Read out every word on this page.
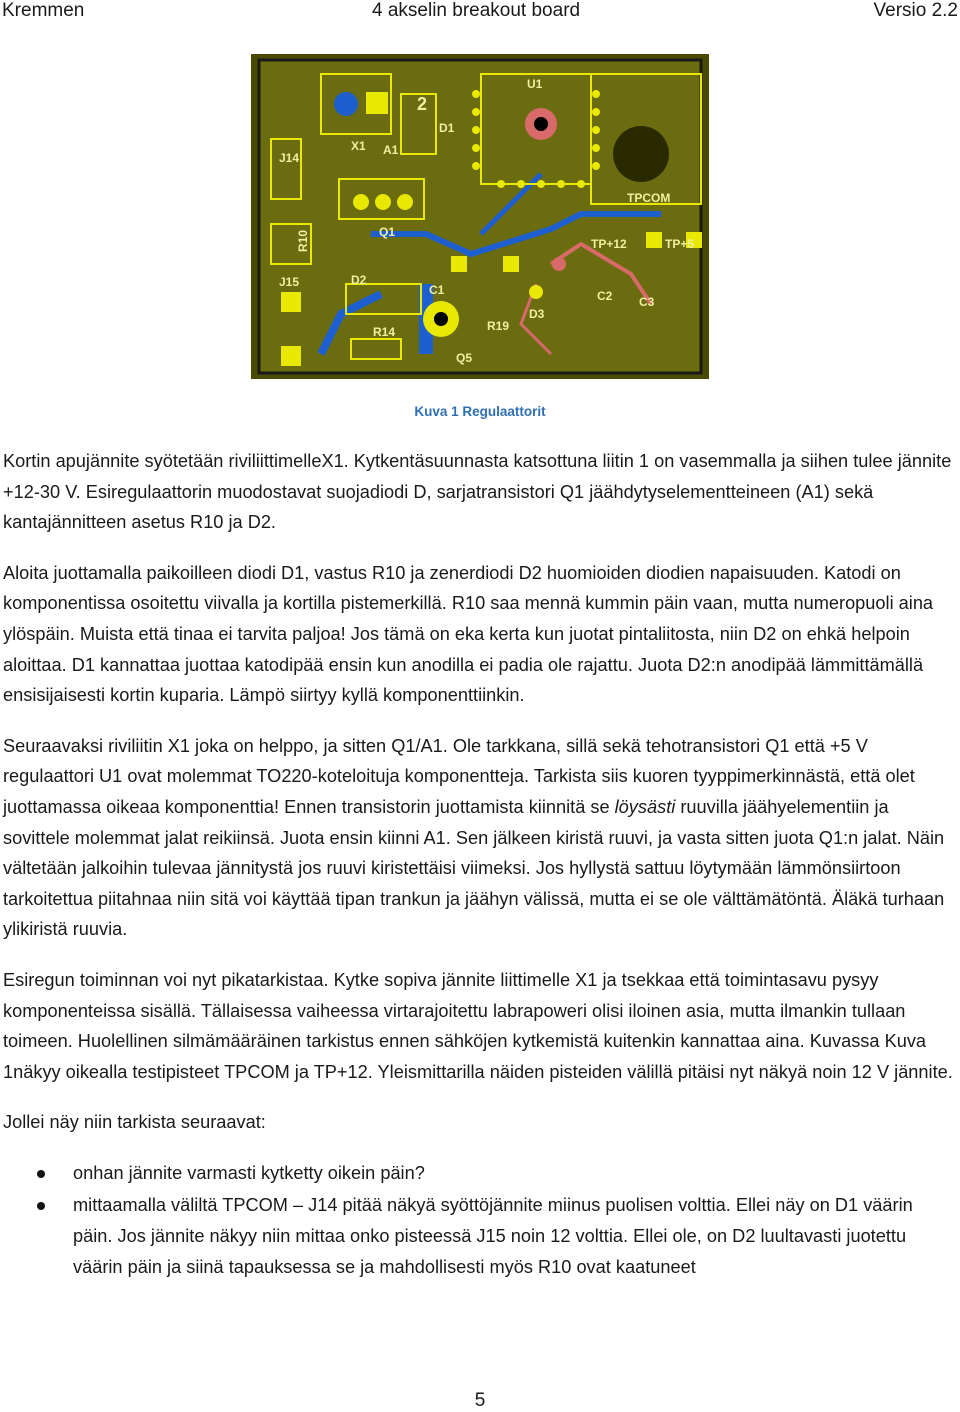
Kremmen	4 akselin breakout board	Versio 2.2
J14
X1 A1
D1
U1
2
R10	Q1
J15	D2
C1
R14	R19
D3
Q5
C2 C3
TPCOM
TP+12	TP+5
Kuva 1 Regulaattorit

Kortin apujännite syötetään riviliittimelleX1. Kytkentäsuunnasta katsottuna liitin 1 on vasemmalla ja siihen tulee jännite +12-30 V. Esiregulaattorin muodostavat suojadiodi D, sarjatransistori Q1 jäähdytyselementteineen (A1) sekä kantajännitteen asetus R10 ja D2.

Aloita juottamalla paikoilleen diodi D1, vastus R10 ja zenerdiodi D2 huomioiden diodien napaisuuden. Katodi on komponentissa osoitettu viivalla ja kortilla pistemerkillä. R10 saa mennä kummin päin vaan, mutta numeropuoli aina ylöspäin. Muista että tinaa ei tarvita paljoa! Jos tämä on eka kerta kun juotat pintaliitosta, niin D2 on ehkä helpoin aloittaa. D1 kannattaa juottaa katodipää ensin kun anodilla ei padia ole rajattu. Juota D2:n anodipää lämmittämällä ensisijaisesti kortin kuparia. Lämpö siirtyy kyllä komponenttiinkin.

Seuraavaksi riviliitin X1 joka on helppo, ja sitten Q1/A1. Ole tarkkana, sillä sekä tehotransistori Q1 että +5 V regulaattori U1 ovat molemmat TO220-koteloituja komponentteja. Tarkista siis kuoren tyyppimerkinnästä, että olet juottamassa oikeaa komponenttia! Ennen transistorin juottamista kiinnitä se löysästi ruuvilla jäähyelementiin ja sovittele molemmat jalat reikiinsä. Juota ensin kiinni A1. Sen jälkeen kiristä ruuvi, ja vasta sitten juota Q1:n jalat. Näin vältetään jalkoihin tulevaa jännitystä jos ruuvi kiristettäisi viimeksi. Jos hyllystä sattuu löytymään lämmönsiirtoon tarkoitettua piitahnaa niin sitä voi käyttää tipan trankun ja jäähyn välissä, mutta ei se ole välttämätöntä. Äläkä turhaan ylikiristä ruuvia.

Esiregun toiminnan voi nyt pikatarkistaa. Kytke sopiva jännite liittimelle X1 ja tsekkaa että toimintasavu pysyy komponenteissa sisällä. Tällaisessa vaiheessa virtarajoitettu labrapoweri olisi iloinen asia, mutta ilmankin tullaan toimeen. Huolellinen silmämääräinen tarkistus ennen sähköjen kytkemistä kuitenkin kannattaa aina. Kuvassa Kuva 1näkyy oikealla testipisteet TPCOM ja TP+12. Yleismittarilla näiden pisteiden välillä pitäisi nyt näkyä noin 12 V jännite.

Jollei näy niin tarkista seuraavat:

onhan jännite varmasti kytketty oikein päin?
mittaamalla väliltä TPCOM – J14 pitää näkyä syöttöjännite miinus puolisen volttia. Ellei näy on D1 väärin päin. Jos jännite näkyy niin mittaa onko pisteessä J15 noin 12 volttia. Ellei ole, on D2 luultavasti juotettu väärin päin ja siinä tapauksessa se ja mahdollisesti myös R10 ovat kaatuneet
5
